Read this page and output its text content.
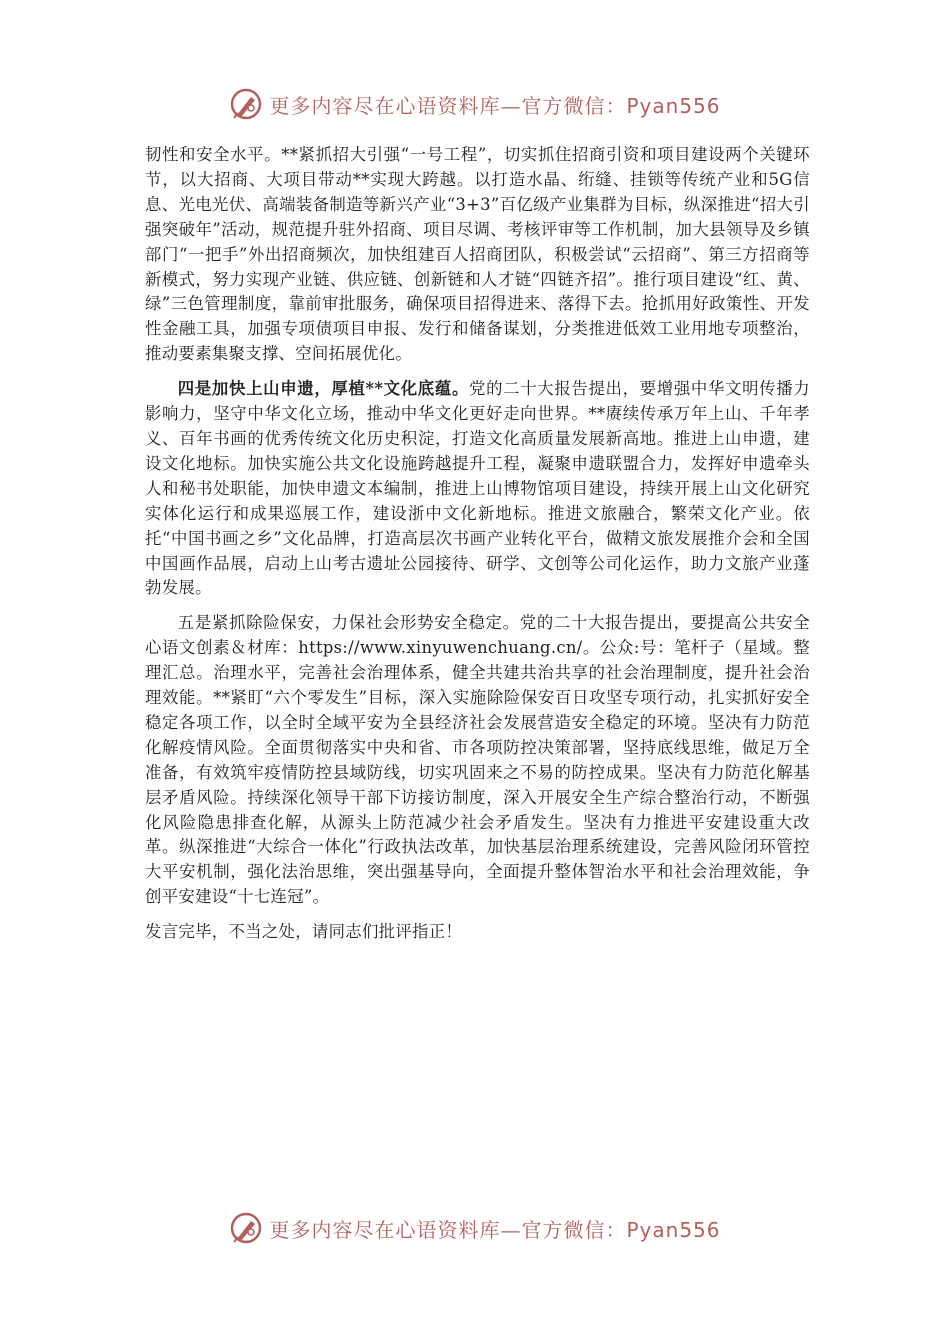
更多内容尽在心语资料库—官方微信：Pyan556

韧性和安全水平。**紧抓招大引强“一号工程”，切实抓住招商引资和项目建设两个关键环节，以大招商、大项目带动**实现大跨越。以打造水晶、绗缝、挂锁等传统产业和5G信息、光电光伏、高端装备制造等新兴产业“3+3”百亿级产业集群为目标，纵深推进“招大引强突破年”活动，规范提升驻外招商、项目尽调、考核评审等工作机制，加大县领导及乡镇部门“一把手”外出招商频次，加快组建百人招商团队，积极尝试“云招商”、第三方招商等新模式，努力实现产业链、供应链、创新链和人才链“四链齐招”。推行项目建设“红、黄、绿”三色管理制度，靠前审批服务，确保项目招得进来、落得下去。抢抓用好政策性、开发性金融工具，加强专项债项目申报、发行和储备谋划，分类推进低效工业用地专项整治，推动要素集聚支撑、空间拓展优化。

四是加快上山申遗，厚植**文化底蕴。党的二十大报告提出，要增强中华文明传播力影响力，坚守中华文化立场，推动中华文化更好走向世界。**赓续传承万年上山、千年孝义、百年书画的优秀传统文化历史积淀，打造文化高质量发展新高地。推进上山申遗，建设文化地标。加快实施公共文化设施跨越提升工程，凝聚申遗联盟合力，发挥好申遗牵头人和秘书处职能，加快申遗文本编制，推进上山博物馆项目建设，持续开展上山文化研究实体化运行和成果巡展工作，建设浙中文化新地标。推进文旅融合，繁荣文化产业。依托“中国书画之乡”文化品牌，打造高层次书画产业转化平台，做精文旅发展推介会和全国中国画作品展，启动上山考古遗址公园接待、研学、文创等公司化运作，助力文旅产业蓬勃发展。

五是紧抓除险保安，力保社会形势安全稳定。党的二十大报告提出，要提高公共安全心语文创素＆材库：https://www.xinyuwenchuang.cn/。公众:号：笔杆子（星域。整理汇总。治理水平，完善社会治理体系，健全共建共治共享的社会治理制度，提升社会治理效能。**紧盯“六个零发生”目标，深入实施除险保安百日攻坚专项行动，扎实抓好安全稳定各项工作，以全时全域平安为全县经济社会发展营造安全稳定的环境。坚决有力防范化解疫情风险。全面贯彻落实中央和省、市各项防控决策部署，坚持底线思维，做足万全准备，有效筑牢疫情防控县域防线，切实巩固来之不易的防控成果。坚决有力防范化解基层矛盾风险。持续深化领导干部下访接访制度，深入开展安全生产综合整治行动，不断强化风险隐患排查化解，从源头上防范减少社会矛盾发生。坚决有力推进平安建设重大改革。纵深推进“大综合一体化”行政执法改革，加快基层治理系统建设，完善风险闭环管控大平安机制，强化法治思维，突出强基导向，全面提升整体智治水平和社会治理效能，争创平安建设“十七连冠”。

发言完毕，不当之处，请同志们批评指正！

更多内容尽在心语资料库—官方微信：Pyan556
